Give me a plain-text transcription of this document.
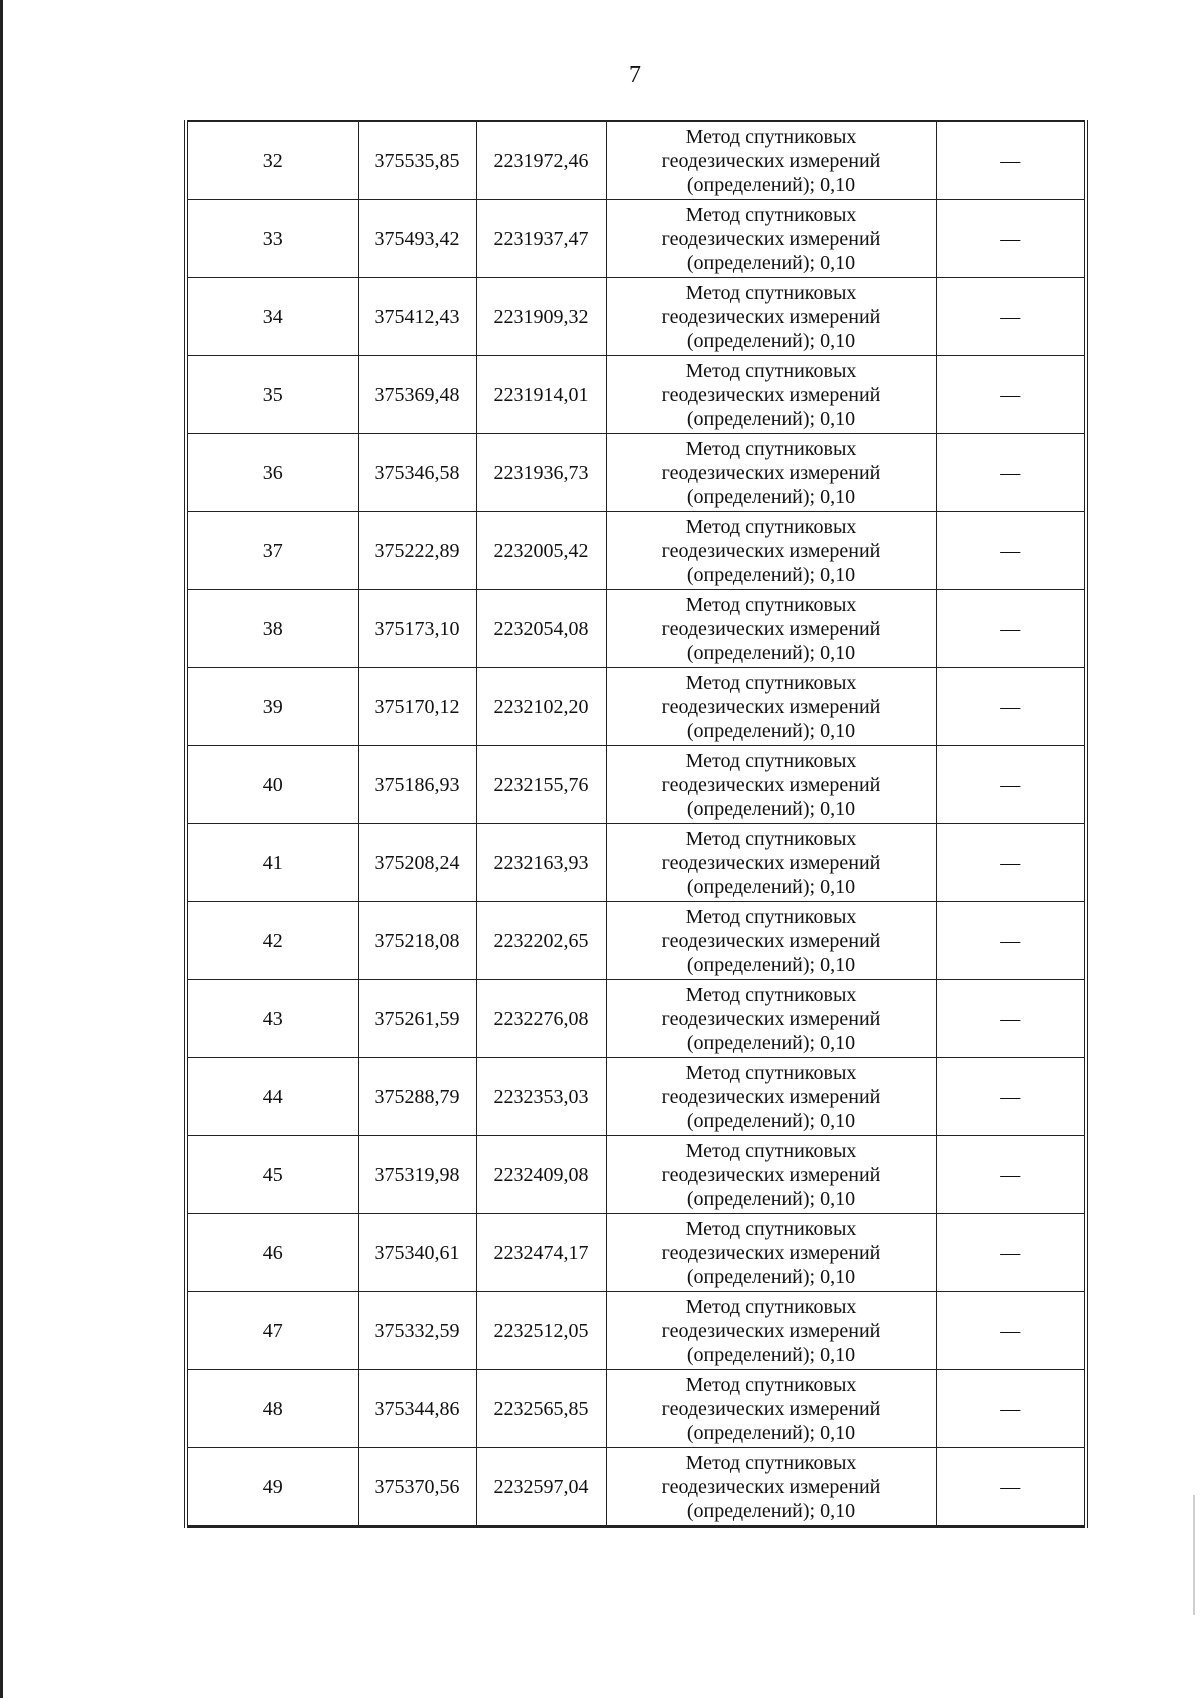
7
32	375535,85	2231972,46	Метод спутниковых
геодезических измерений
(определений); 0,10	—
33	375493,42	2231937,47	Метод спутниковых
геодезических измерений
(определений); 0,10	—
34	375412,43	2231909,32	Метод спутниковых
геодезических измерений
(определений); 0,10	—
35	375369,48	2231914,01	Метод спутниковых
геодезических измерений
(определений); 0,10	—
36	375346,58	2231936,73	Метод спутниковых
геодезических измерений
(определений); 0,10	—
37	375222,89	2232005,42	Метод спутниковых
геодезических измерений
(определений); 0,10	—
38	375173,10	2232054,08	Метод спутниковых
геодезических измерений
(определений); 0,10	—
39	375170,12	2232102,20	Метод спутниковых
геодезических измерений
(определений); 0,10	—
40	375186,93	2232155,76	Метод спутниковых
геодезических измерений
(определений); 0,10	—
41	375208,24	2232163,93	Метод спутниковых
геодезических измерений
(определений); 0,10	—
42	375218,08	2232202,65	Метод спутниковых
геодезических измерений
(определений); 0,10	—
43	375261,59	2232276,08	Метод спутниковых
геодезических измерений
(определений); 0,10	—
44	375288,79	2232353,03	Метод спутниковых
геодезических измерений
(определений); 0,10	—
45	375319,98	2232409,08	Метод спутниковых
геодезических измерений
(определений); 0,10	—
46	375340,61	2232474,17	Метод спутниковых
геодезических измерений
(определений); 0,10	—
47	375332,59	2232512,05	Метод спутниковых
геодезических измерений
(определений); 0,10	—
48	375344,86	2232565,85	Метод спутниковых
геодезических измерений
(определений); 0,10	—
49	375370,56	2232597,04	Метод спутниковых
геодезических измерений
(определений); 0,10	—
